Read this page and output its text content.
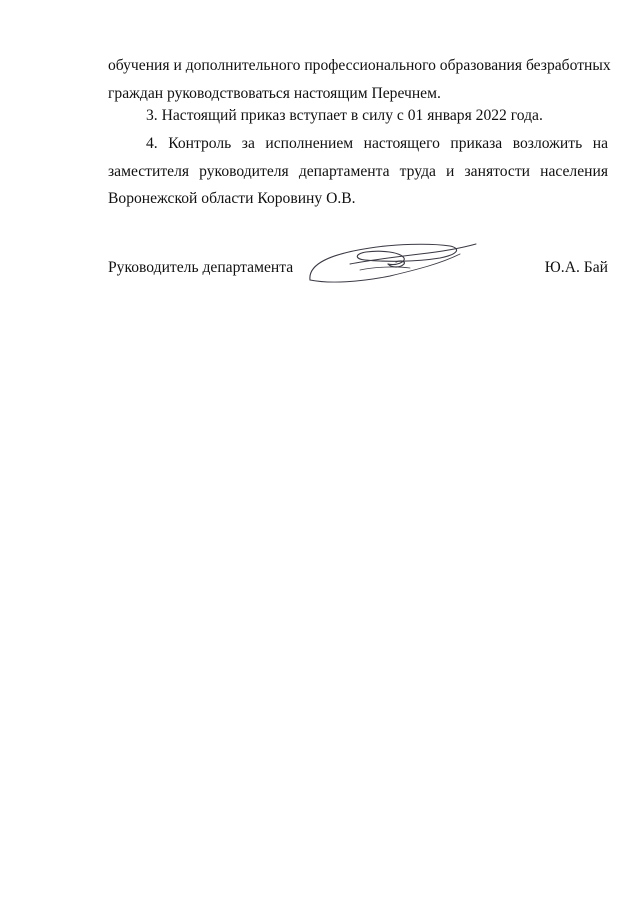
обучения и дополнительного профессионального образования безработных
граждан руководствоваться настоящим Перечнем.
3. Настоящий приказ вступает в силу с 01 января 2022 года.
4. Контроль за исполнением настоящего приказа возложить на
заместителя руководителя департамента труда и занятости населения
Воронежской области Коровину О.В.
Руководитель департамента	Ю.А. Бай
